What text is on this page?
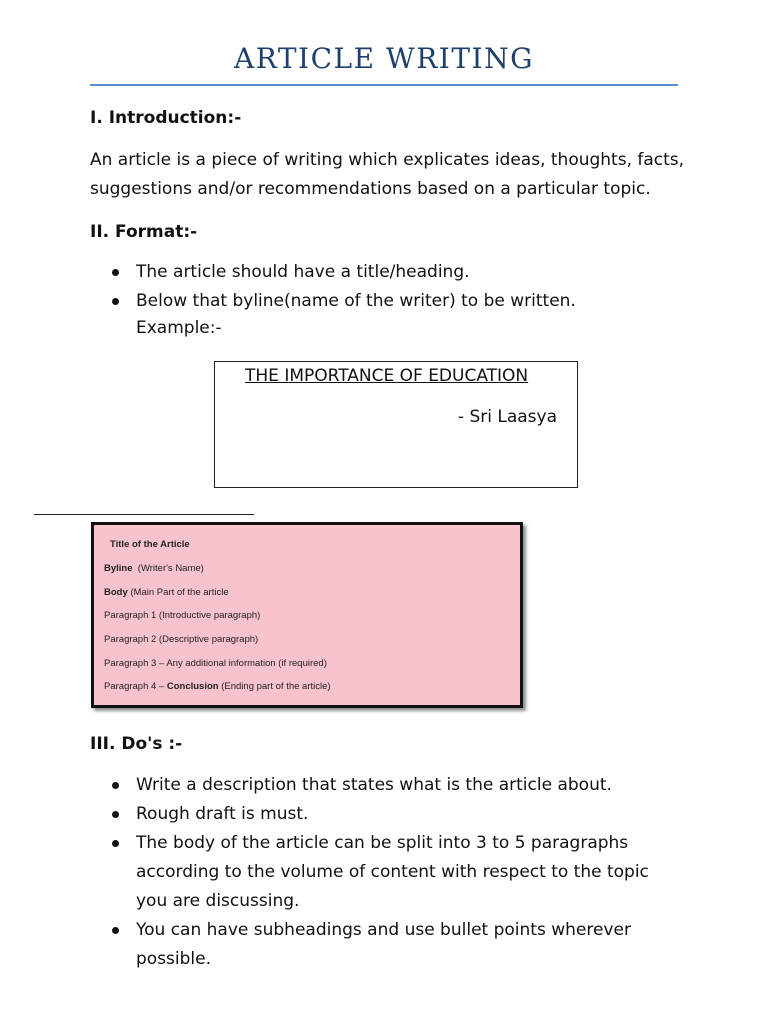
ARTICLE WRITING
I. Introduction:-
An article is a piece of writing which explicates ideas, thoughts, facts, suggestions and/or recommendations based on a particular topic.
II. Format:-
The article should have a title/heading.
Below that byline(name of the writer) to be written.
Example:-
THE IMPORTANCE OF EDUCATION
- Sri Laasya
Title of the Article
Byline (Writer's Name)
Body (Main Part of the article
Paragraph 1 (Introductive paragraph)
Paragraph 2 (Descriptive paragraph)
Paragraph 3 – Any additional information (if required)
Paragraph 4 – Conclusion (Ending part of the article)
III. Do's :-
Write a description that states what is the article about.
Rough draft is must.
The body of the article can be split into 3 to 5 paragraphs according to the volume of content with respect to the topic you are discussing.
You can have subheadings and use bullet points wherever possible.
